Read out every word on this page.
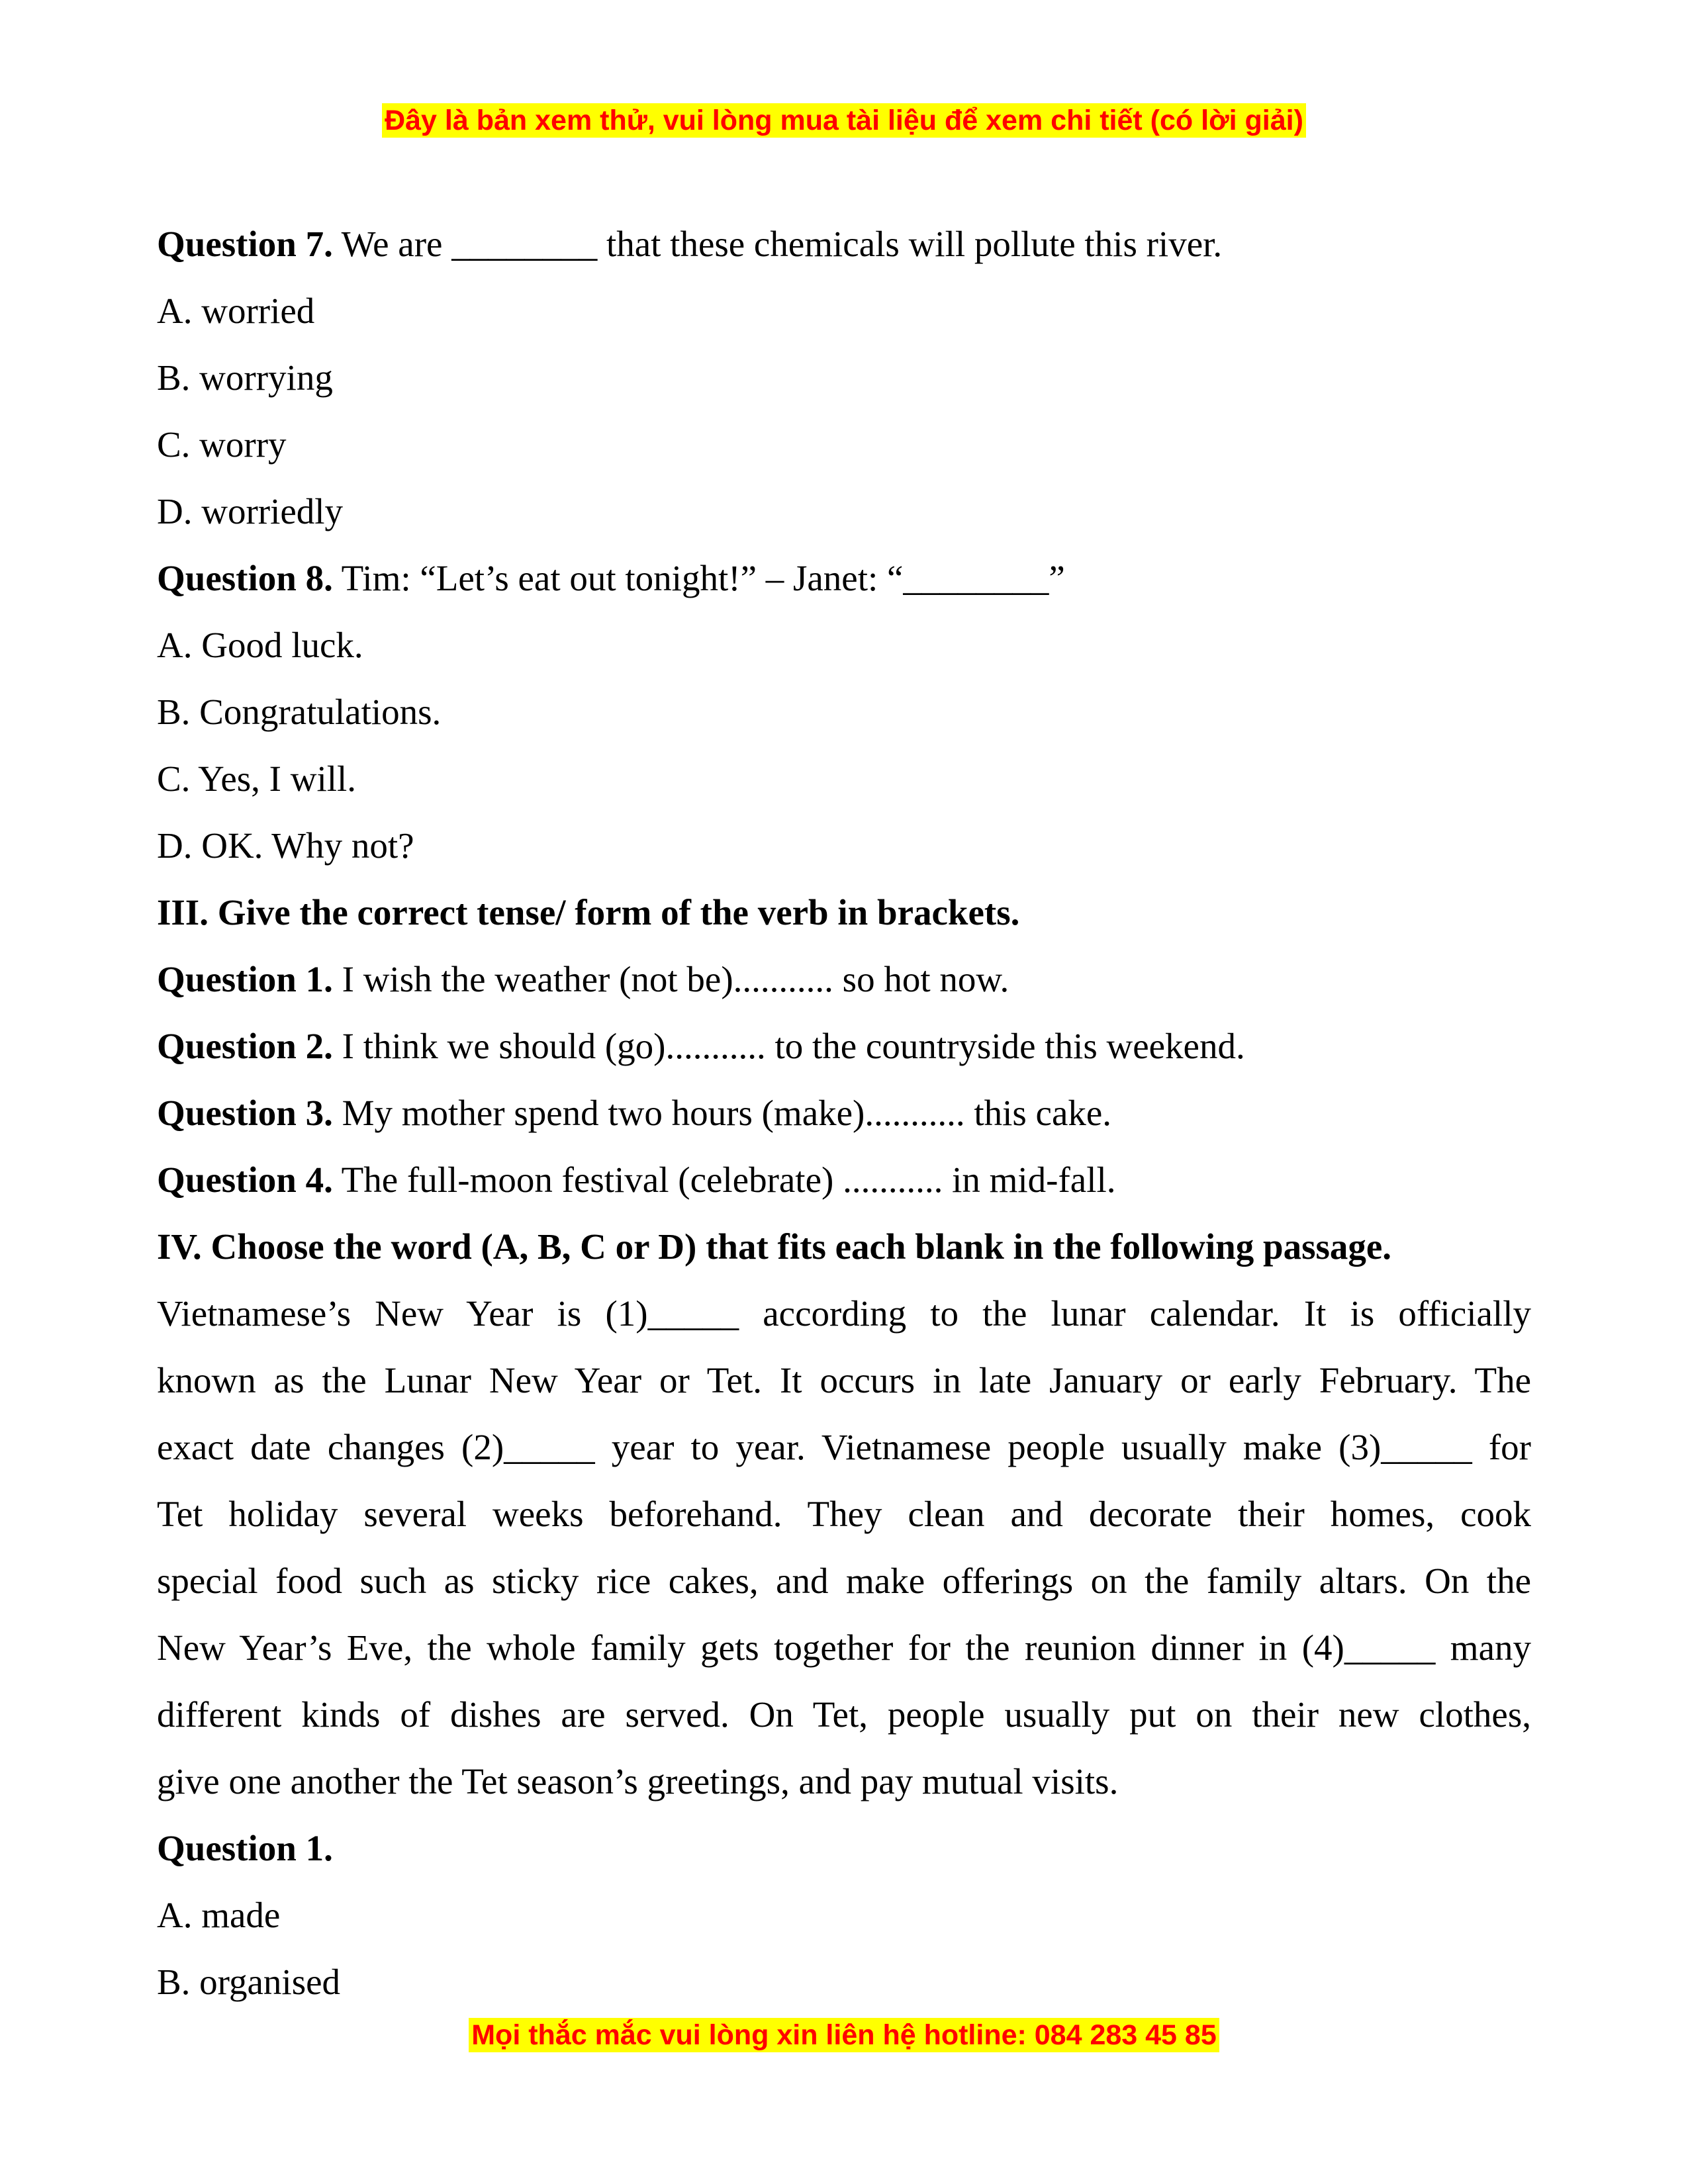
Đây là bản xem thử, vui lòng mua tài liệu để xem chi tiết (có lời giải)
Question 7. We are ________ that these chemicals will pollute this river.
A. worried
B. worrying
C. worry
D. worriedly
Question 8. Tim: “Let’s eat out tonight!” – Janet: “________”
A. Good luck.
B. Congratulations.
C. Yes, I will.
D. OK. Why not?
III. Give the correct tense/ form of the verb in brackets.
Question 1. I wish the weather (not be)........... so hot now.
Question 2. I think we should (go)........... to the countryside this weekend.
Question 3. My mother spend two hours (make)........... this cake.
Question 4. The full-moon festival (celebrate) ........... in mid-fall.
IV. Choose the word (A, B, C or D) that fits each blank in the following passage.
Vietnamese’s New Year is (1)_____ according to the lunar calendar. It is officially
known as the Lunar New Year or Tet. It occurs in late January or early February. The
exact date changes (2)_____ year to year. Vietnamese people usually make (3)_____ for
Tet holiday several weeks beforehand. They clean and decorate their homes, cook
special food such as sticky rice cakes, and make offerings on the family altars. On the
New Year’s Eve, the whole family gets together for the reunion dinner in (4)_____ many
different kinds of dishes are served. On Tet, people usually put on their new clothes,
give one another the Tet season’s greetings, and pay mutual visits.
Question 1.
A. made
B. organised
Mọi thắc mắc vui lòng xin liên hệ hotline: 084 283 45 85
